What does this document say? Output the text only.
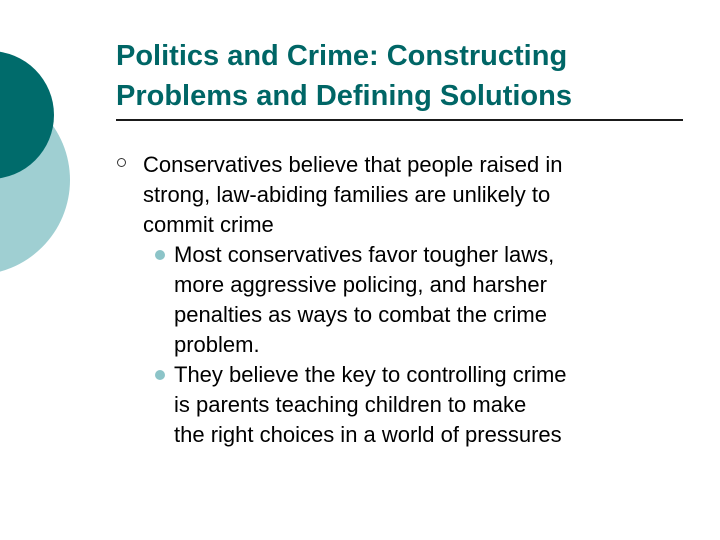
Politics and Crime: Constructing
Problems and Defining Solutions
Conservatives believe that people raised in
strong, law-abiding families are unlikely to
commit crime
Most conservatives favor tougher laws,
more aggressive policing, and harsher
penalties as ways to combat the crime
problem.
They believe the key to controlling crime
is parents teaching children to make
the right choices in a world of pressures
